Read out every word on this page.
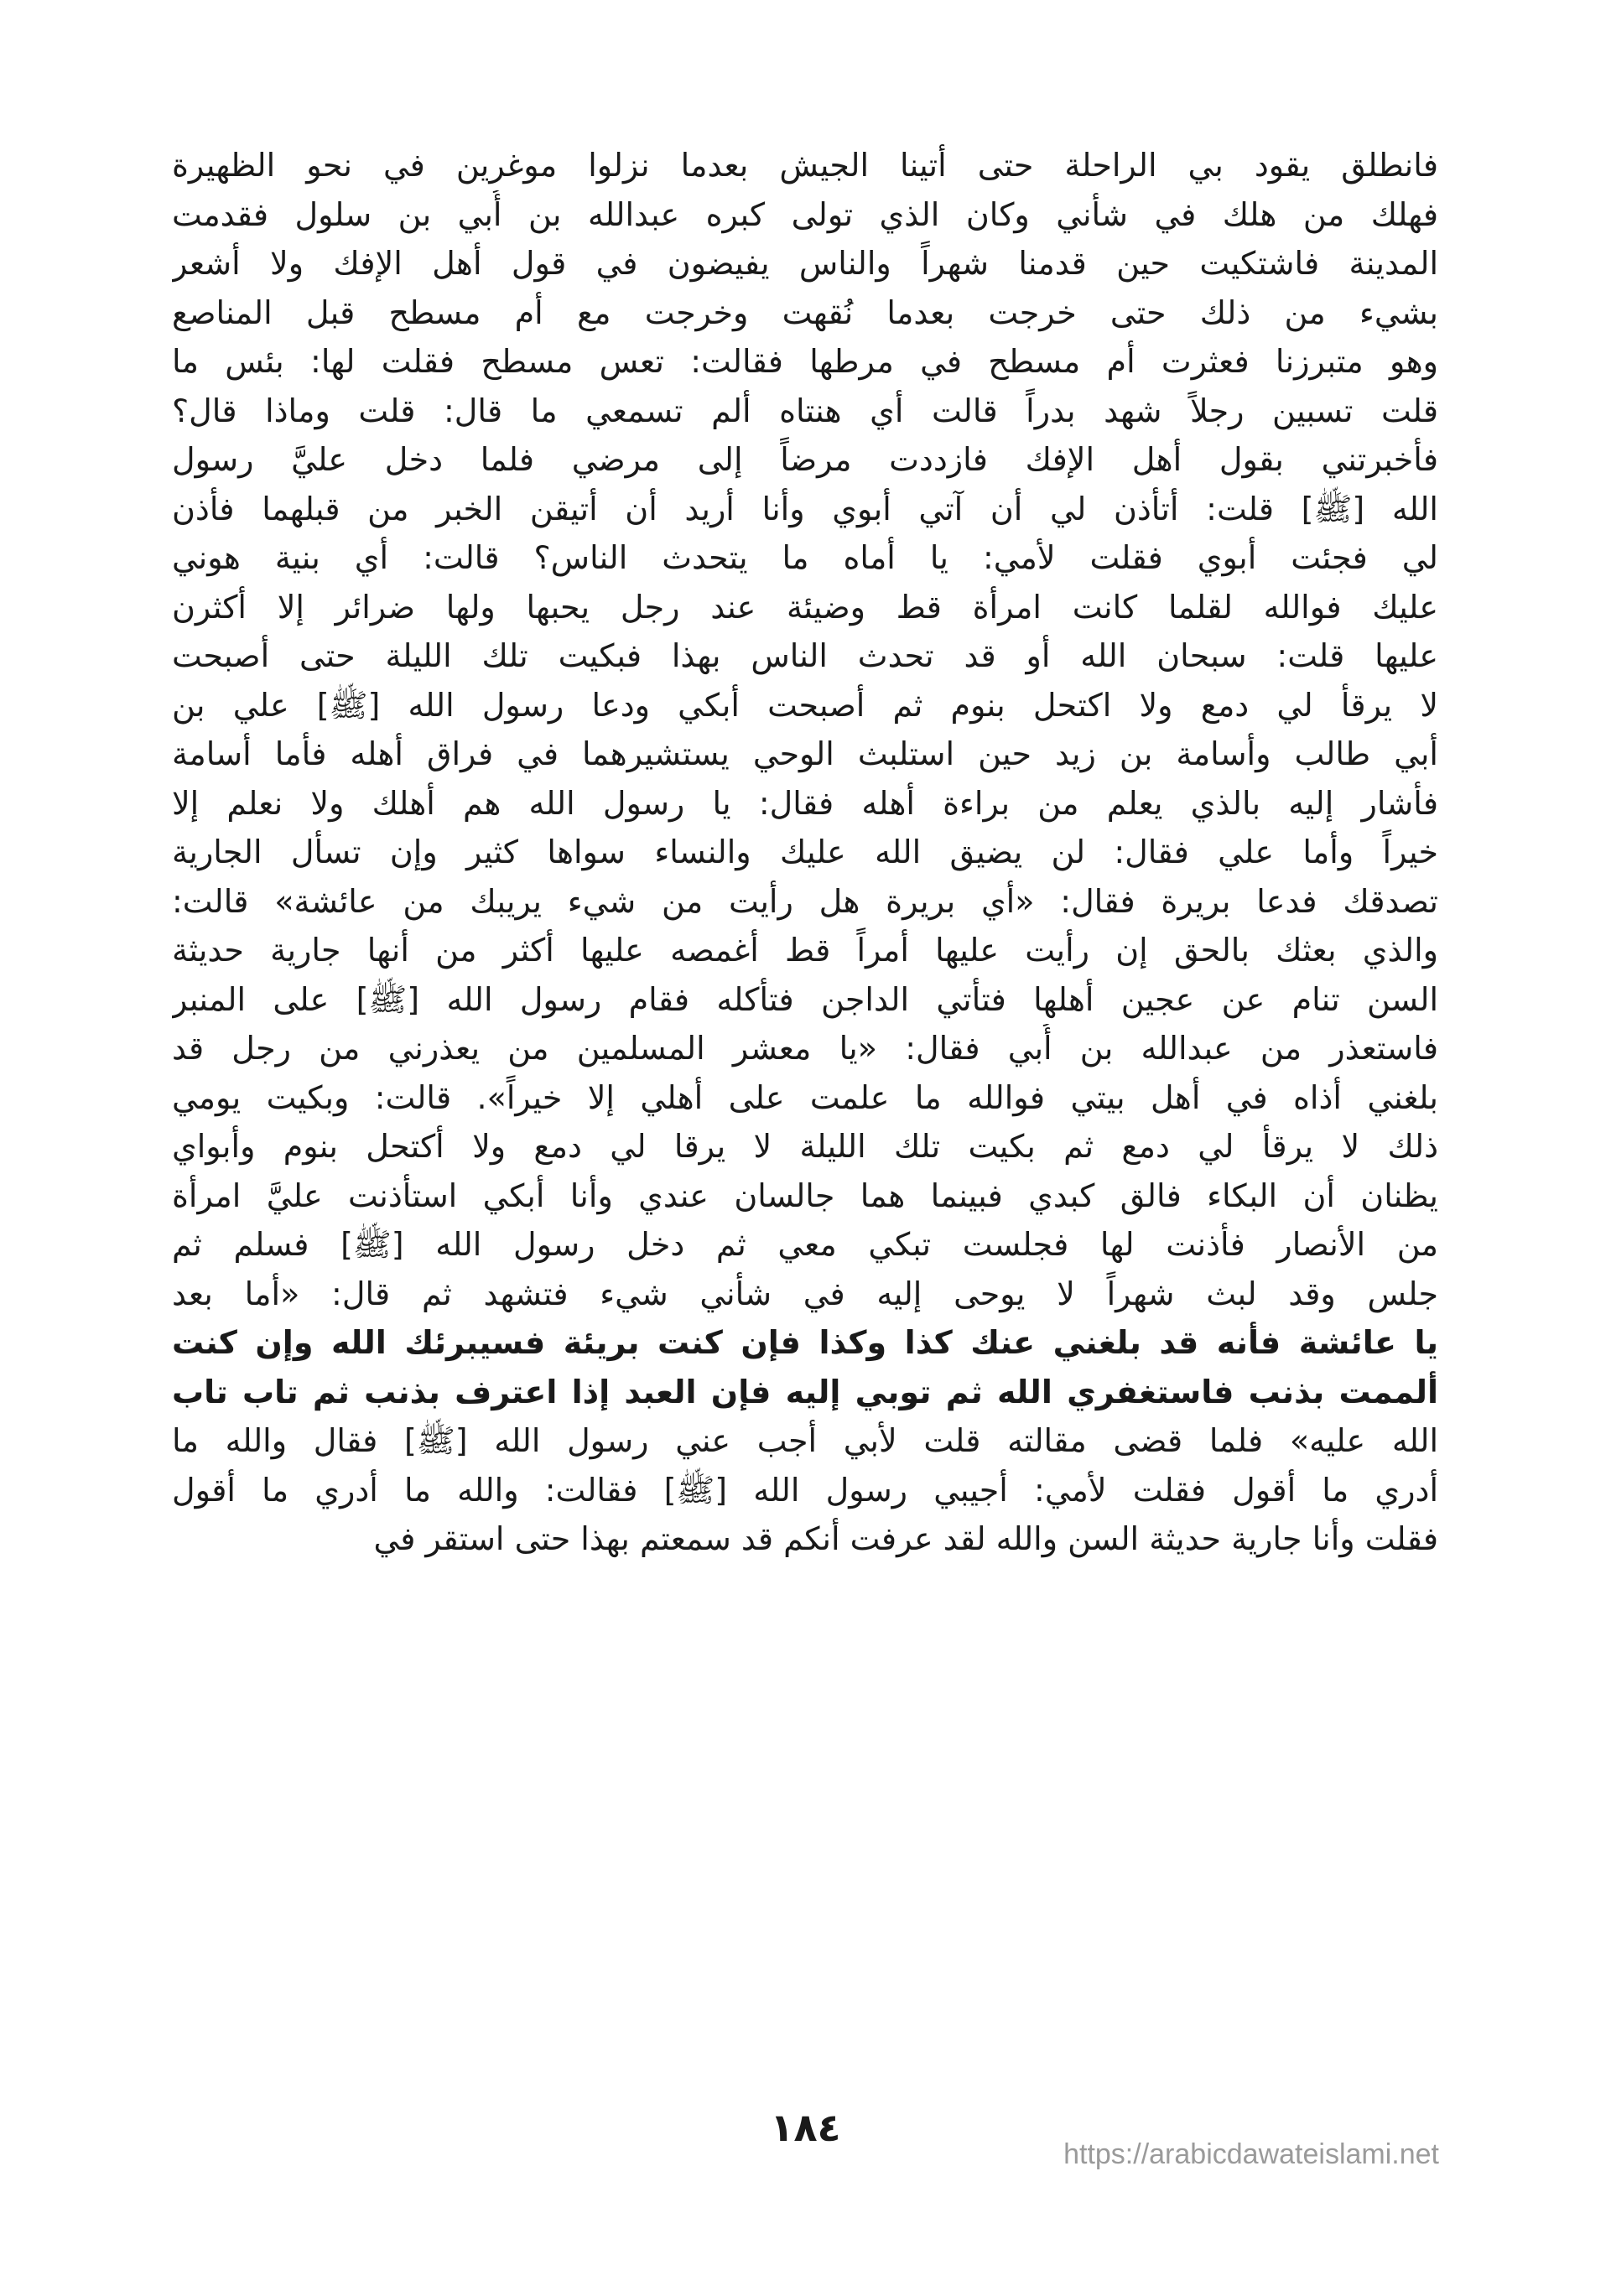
فانطلق يقود بي الراحلة حتى أتينا الجيش بعدما نزلوا موغرين في نحو الظهيرة
فهلك من هلك في شأني وكان الذي تولى كبره عبدالله بن أُبي بن سلول فقدمت
المدينة فاشتكيت حين قدمنا شهراً والناس يفيضون في قول أهل الإفك ولا أشعر
بشيء من ذلك حتى خرجت بعدما نُقهت وخرجت مع أم مسطح قبل المناصع
وهو متبرزنا فعثرت أم مسطح في مرطها فقالت: تعس مسطح فقلت لها: بئس ما
قلت تسبين رجلاً شهد بدراً قالت أي هنتاه ألم تسمعي ما قال: قلت وماذا قال؟
فأخبرتني بقول أهل الإفك فازددت مرضاً إلى مرضي فلما دخل عليَّ رسول
الله [ﷺ] قلت: أتأذن لي أن آتي أبوي وأنا أريد أن أتيقن الخبر من قبلهما فأذن
لي فجئت أبوي فقلت لأمي: يا أماه ما يتحدث الناس؟ قالت: أي بنية هوني
عليك فوالله لقلما كانت امرأة قط وضيئة عند رجل يحبها ولها ضرائر إلا أكثرن
عليها قلت: سبحان الله أو قد تحدث الناس بهذا فبكيت تلك الليلة حتى أصبحت
لا يرقأ لي دمع ولا اكتحل بنوم ثم أصبحت أبكي ودعا رسول الله [ﷺ] علي بن
أبي طالب وأسامة بن زيد حين استلبث الوحي يستشيرهما في فراق أهله فأما أسامة
فأشار إليه بالذي يعلم من براءة أهله فقال: يا رسول الله هم أهلك ولا نعلم إلا
خيراً وأما علي فقال: لن يضيق الله عليك والنساء سواها كثير وإن تسأل الجارية
تصدقك فدعا بريرة فقال: «أي بريرة هل رأيت من شيء يريبك من عائشة» قالت:
والذي بعثك بالحق إن رأيت عليها أمراً قط أغمصه عليها أكثر من أنها جارية حديثة
السن تنام عن عجين أهلها فتأتي الداجن فتأكله فقام رسول الله [ﷺ] على المنبر
فاستعذر من عبدالله بن أُبي فقال: «يا معشر المسلمين من يعذرني من رجل قد
بلغني أذاه في أهل بيتي فوالله ما علمت على أهلي إلا خيراً». قالت: وبكيت يومي
ذلك لا يرقأ لي دمع ثم بكيت تلك الليلة لا يرقا لي دمع ولا أكتحل بنوم وأبواي
يظنان أن البكاء فالق كبدي فبينما هما جالسان عندي وأنا أبكي استأذنت عليَّ امرأة
من الأنصار فأذنت لها فجلست تبكي معي ثم دخل رسول الله [ﷺ] فسلم ثم
جلس وقد لبث شهراً لا يوحى إليه في شأني شيء فتشهد ثم قال: «أما بعد
يا عائشة فأنه قد بلغني عنك كذا وكذا فإن كنت بريئة فسيبرئك الله وإن كنت
ألممت بذنب فاستغفري الله ثم توبي إليه فإن العبد إذا اعترف بذنب ثم تاب تاب
الله عليه» فلما قضى مقالته قلت لأبي أجب عني رسول الله [ﷺ] فقال والله ما
أدري ما أقول فقلت لأمي: أجيبي رسول الله [ﷺ] فقالت: والله ما أدري ما أقول
فقلت وأنا جارية حديثة السن والله لقد عرفت أنكم قد سمعتم بهذا حتى استقر في
١٨٤
https://arabicdawateislami.net
